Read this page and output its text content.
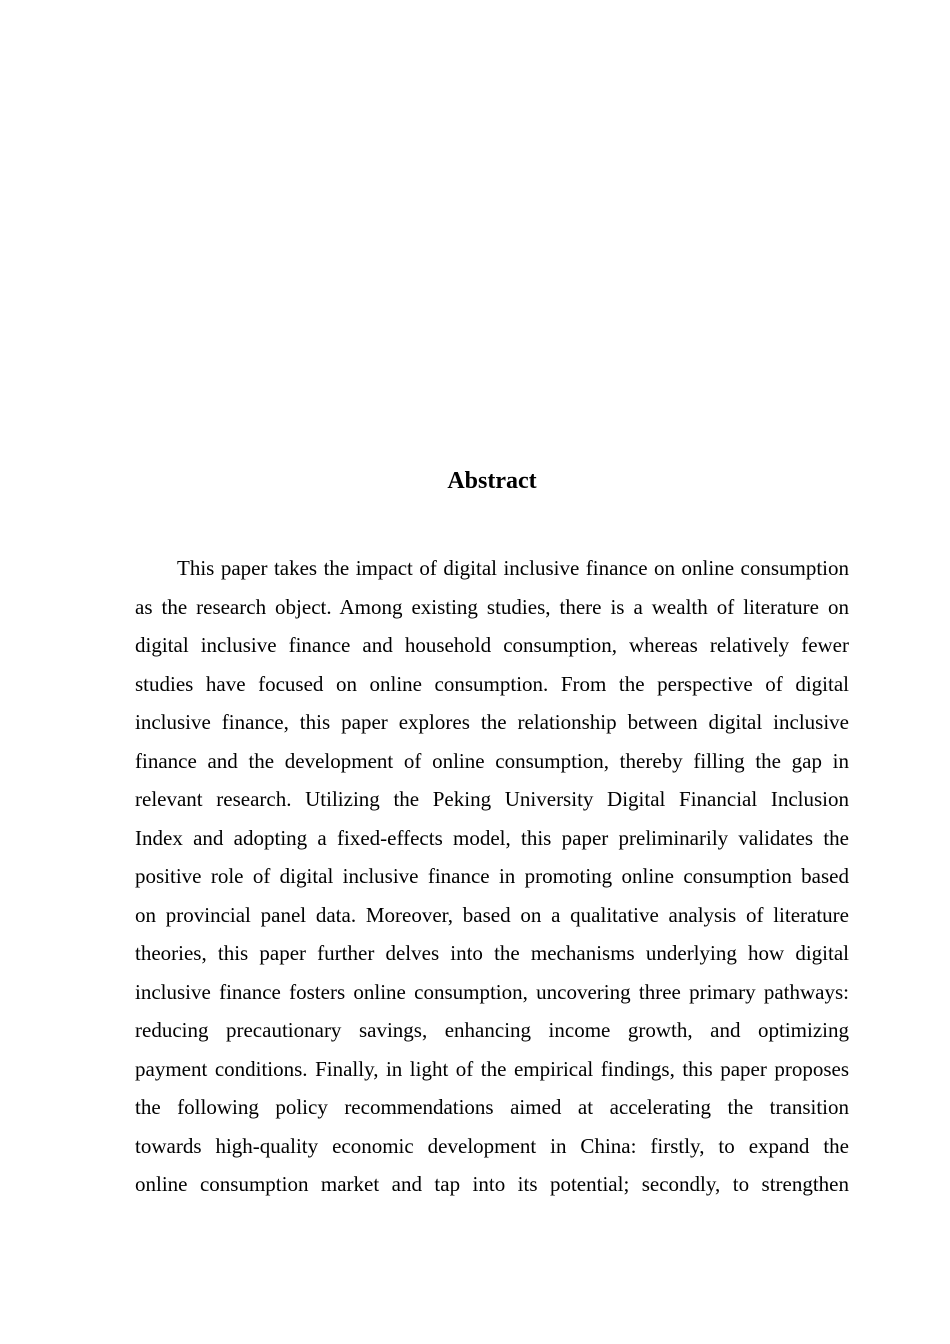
Abstract
This paper takes the impact of digital inclusive finance on online consumption
as the research object. Among existing studies, there is a wealth of literature on
digital inclusive finance and household consumption, whereas relatively fewer
studies have focused on online consumption. From the perspective of digital
inclusive finance, this paper explores the relationship between digital inclusive
finance and the development of online consumption, thereby filling the gap in
relevant research. Utilizing the Peking University Digital Financial Inclusion
Index and adopting a fixed-effects model, this paper preliminarily validates the
positive role of digital inclusive finance in promoting online consumption based
on provincial panel data. Moreover, based on a qualitative analysis of literature
theories, this paper further delves into the mechanisms underlying how digital
inclusive finance fosters online consumption, uncovering three primary pathways:
reducing precautionary savings, enhancing income growth, and optimizing
payment conditions. Finally, in light of the empirical findings, this paper proposes
the following policy recommendations aimed at accelerating the transition
towards high-quality economic development in China: firstly, to expand the
online consumption market and tap into its potential; secondly, to strengthen
